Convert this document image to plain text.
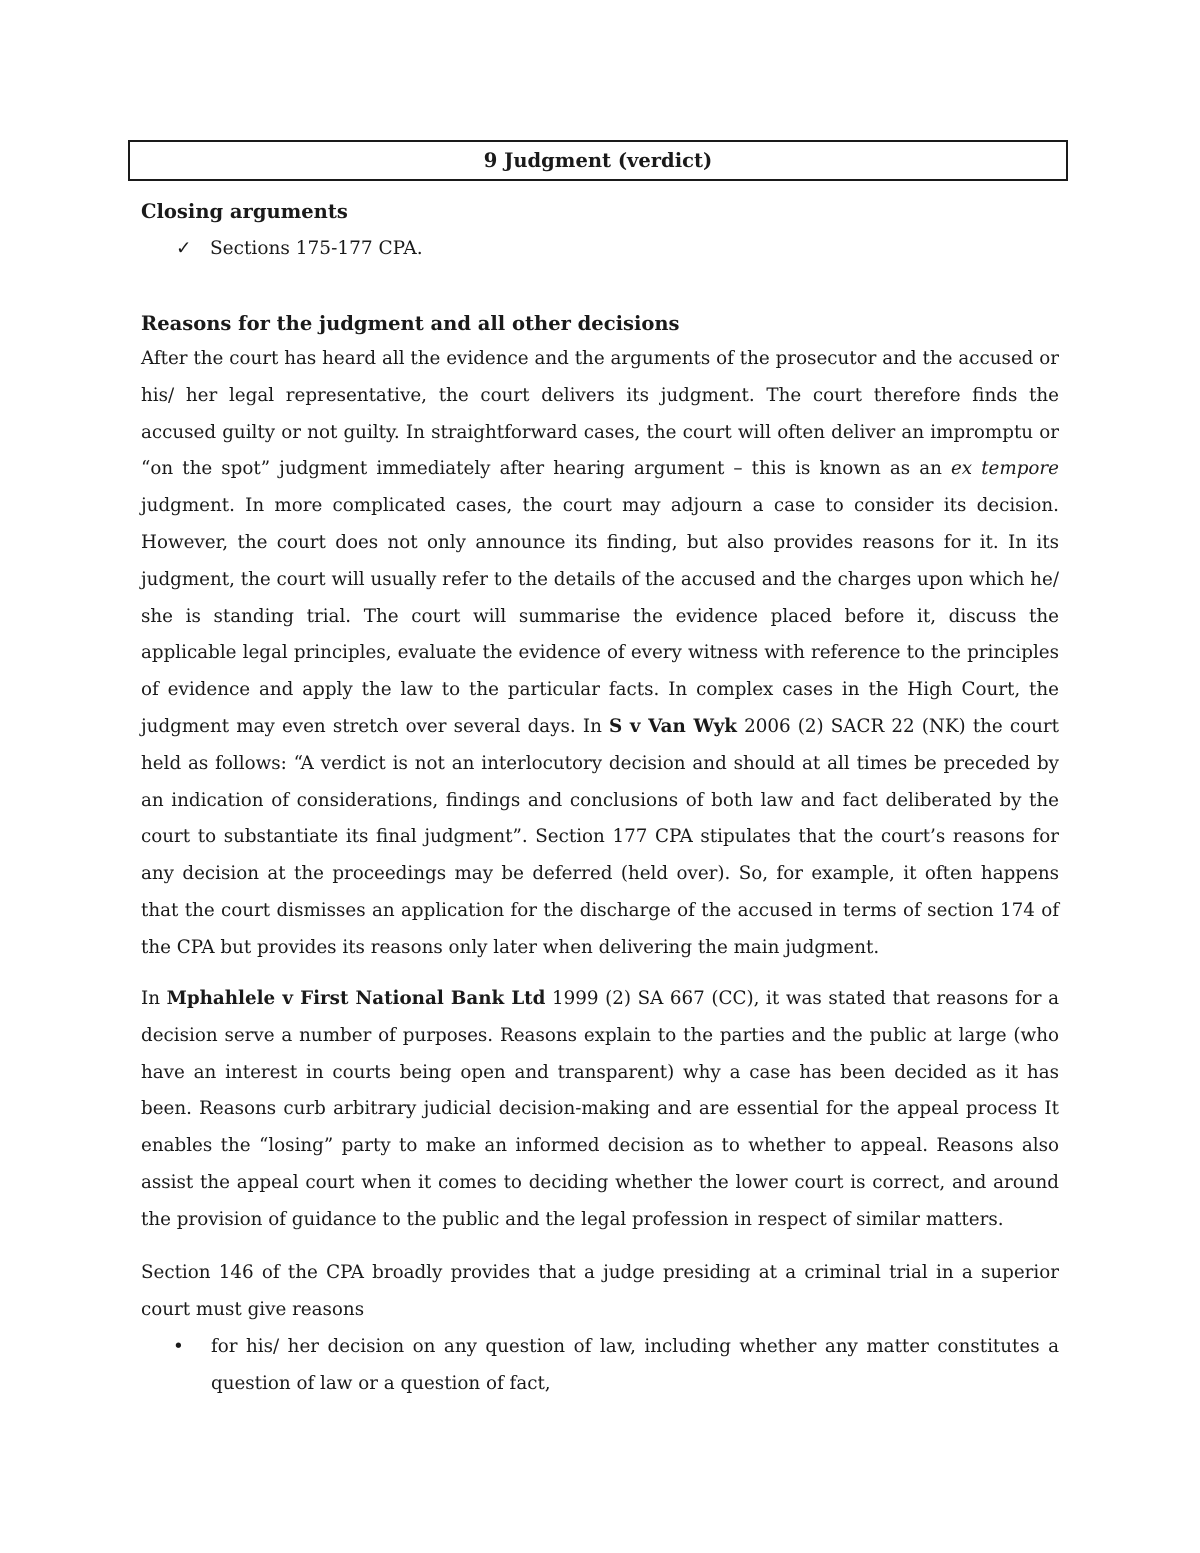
9 Judgment (verdict)
Closing arguments
✓ Sections 175-177 CPA.
Reasons for the judgment and all other decisions

After the court has heard all the evidence and the arguments of the prosecutor and the accused or his/ her legal representative, the court delivers its judgment. The court therefore finds the accused guilty or not guilty. In straightforward cases, the court will often deliver an impromptu or “on the spot” judgment immediately after hearing argument – this is known as an ex tempore judgment. In more complicated cases, the court may adjourn a case to consider its decision. However, the court does not only announce its finding, but also provides reasons for it. In its judgment, the court will usually refer to the details of the accused and the charges upon which he/ she is standing trial. The court will summarise the evidence placed before it, discuss the applicable legal principles, evaluate the evidence of every witness with reference to the principles of evidence and apply the law to the particular facts. In complex cases in the High Court, the judgment may even stretch over several days. In S v Van Wyk 2006 (2) SACR 22 (NK) the court held as follows: “A verdict is not an interlocutory decision and should at all times be preceded by an indication of considerations, findings and conclusions of both law and fact deliberated by the court to substantiate its final judgment”. Section 177 CPA stipulates that the court’s reasons for any decision at the proceedings may be deferred (held over). So, for example, it often happens that the court dismisses an application for the discharge of the accused in terms of section 174 of the CPA but provides its reasons only later when delivering the main judgment.

In Mphahlele v First National Bank Ltd 1999 (2) SA 667 (CC), it was stated that reasons for a decision serve a number of purposes. Reasons explain to the parties and the public at large (who have an interest in courts being open and transparent) why a case has been decided as it has been. Reasons curb arbitrary judicial decision-making and are essential for the appeal process It enables the “losing” party to make an informed decision as to whether to appeal. Reasons also assist the appeal court when it comes to deciding whether the lower court is correct, and around the provision of guidance to the public and the legal profession in respect of similar matters.

Section 146 of the CPA broadly provides that a judge presiding at a criminal trial in a superior court must give reasons

• for his/ her decision on any question of law, including whether any matter constitutes a question of law or a question of fact,
